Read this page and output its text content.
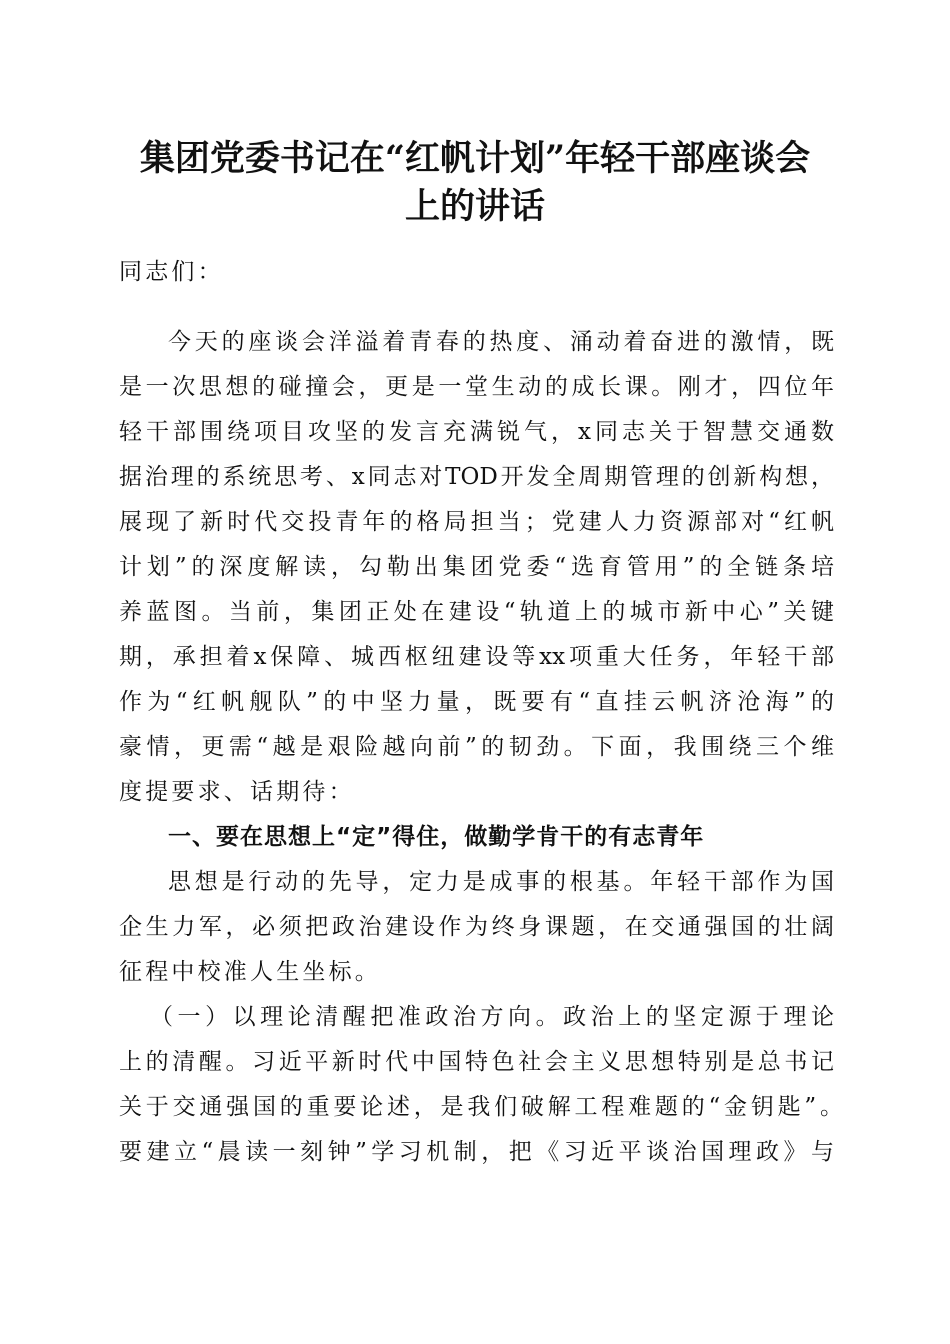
集团党委书记在“红帆计划”年轻干部座谈会
上的讲话

同志们：

今天的座谈会洋溢着青春的热度、涌动着奋进的激情，既

是一次思想的碰撞会，更是一堂生动的成长课。刚才，四位年

轻干部围绕项目攻坚的发言充满锐气，x同志关于智慧交通数

据治理的系统思考、x同志对TOD开发全周期管理的创新构想，

展现了新时代交投青年的格局担当；党建人力资源部对“红帆

计划”的深度解读，勾勒出集团党委“选育管用”的全链条培

养蓝图。当前，集团正处在建设“轨道上的城市新中心”关键

期，承担着x保障、城西枢纽建设等xx项重大任务，年轻干部

作为“红帆舰队”的中坚力量，既要有“直挂云帆济沧海”的

豪情，更需“越是艰险越向前”的韧劲。下面，我围绕三个维

度提要求、话期待：

一、要在思想上“定”得住，做勤学肯干的有志青年

思想是行动的先导，定力是成事的根基。年轻干部作为国

企生力军，必须把政治建设作为终身课题，在交通强国的壮阔

征程中校准人生坐标。

（一）以理论清醒把准政治方向。政治上的坚定源于理论

上的清醒。习近平新时代中国特色社会主义思想特别是总书记

关于交通强国的重要论述，是我们破解工程难题的“金钥匙”。

要建立“晨读一刻钟”学习机制，把《习近平谈治国理政》与
